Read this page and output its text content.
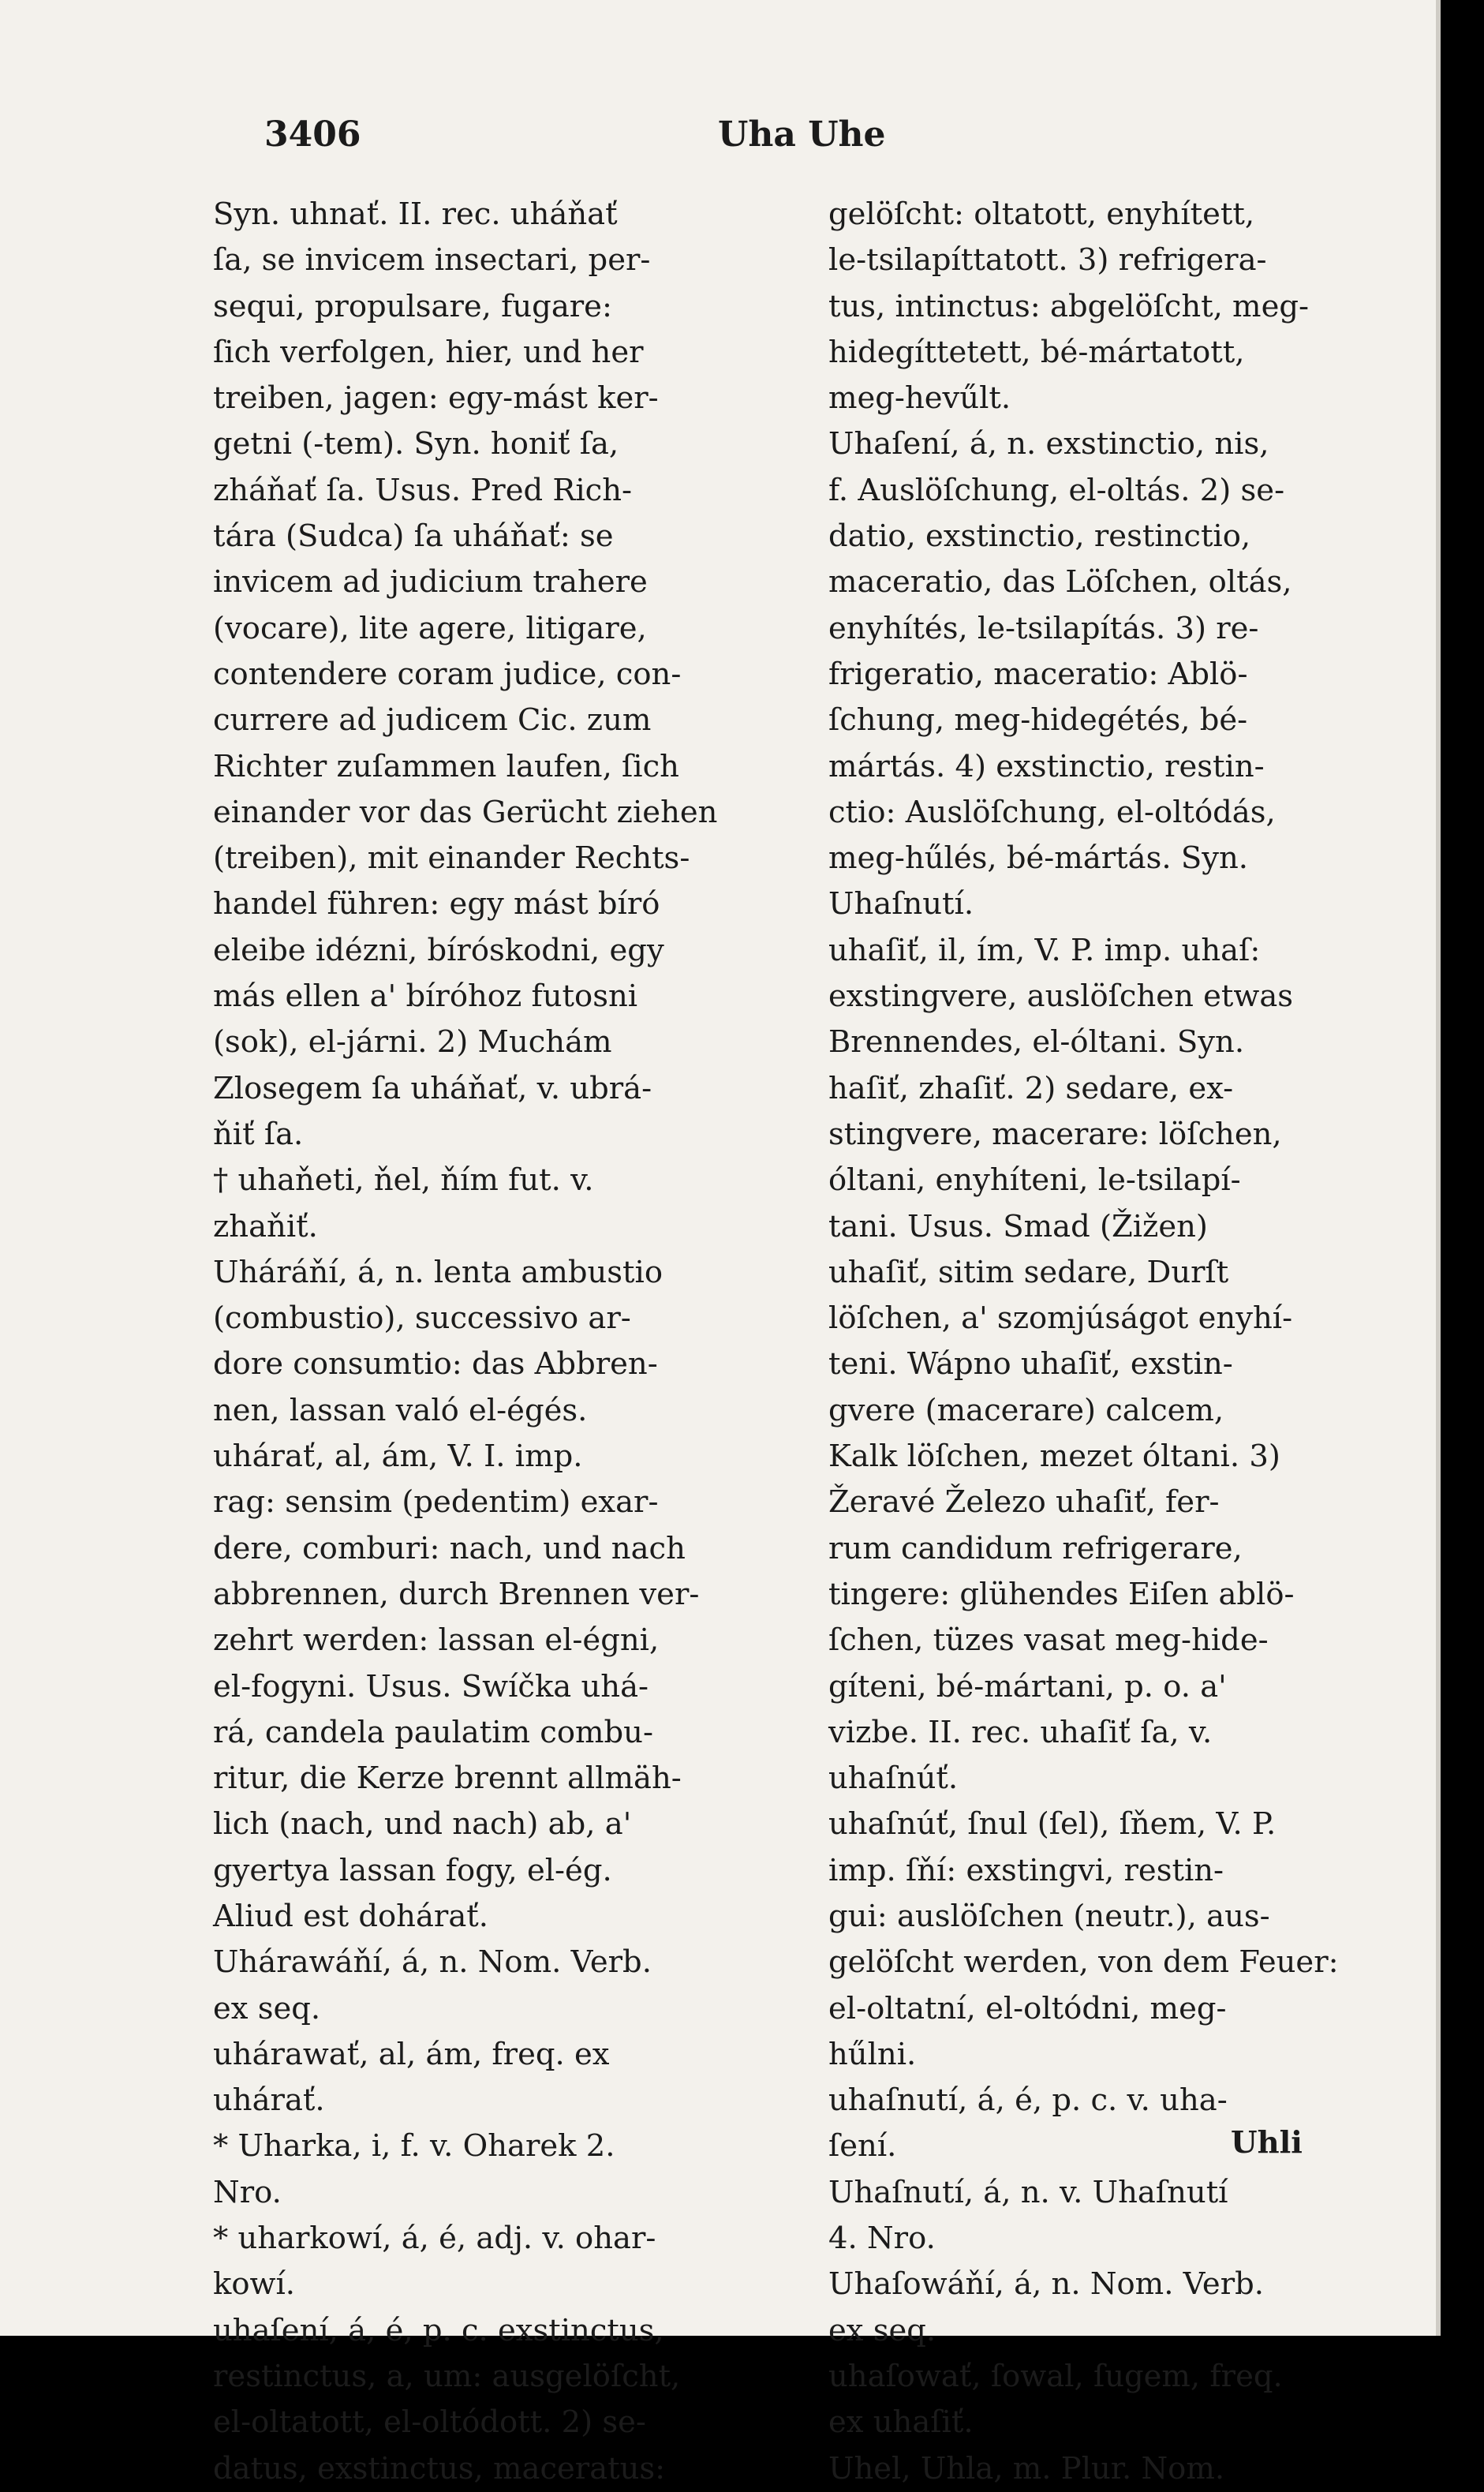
3406	Uha Uhe
Syn. uhnať. II. rec. uháňať
ſa, se invicem insectari, per-
sequi, propulsare, fugare:
ſich verfolgen, hier, und her
treiben, jagen: egy-mást ker-
getni (-tem). Syn. honiť ſa,
zháňať ſa. Usus. Pred Rich-
tára (Sudca) ſa uháňať: se
invicem ad judicium trahere
(vocare), lite agere, litigare,
contendere coram judice, con-
currere ad judicem Cic. zum
Richter zuſammen laufen, ſich
einander vor das Gerücht ziehen
(treiben), mit einander Rechts-
handel führen: egy mást bíró
eleibe idézni, bíróskodni, egy
más ellen a' bíróhoz futosni
(sok), el-járni. 2) Muchám
Zlosegem ſa uháňať, v. ubrá-
ňiť ſa.
† uhaňeti, ňel, ňím fut. v.
zhaňiť.
Uháráňí, á, n. lenta ambustio
(combustio), successivo ar-
dore consumtio: das Abbren-
nen, lassan való el-égés.
uhárať, al, ám, V. I. imp.
rag: sensim (pedentim) exar-
dere, comburi: nach, und nach
abbrennen, durch Brennen ver-
zehrt werden: lassan el-égni,
el-fogyni. Usus. Swíčka uhá-
rá, candela paulatim combu-
ritur, die Kerze brennt allmäh-
lich (nach, und nach) ab, a'
gyertya lassan fogy, el-ég.
Aliud est dohárať.
Uhárawáňí, á, n. Nom. Verb.
ex seq.
uhárawať, al, ám, freq. ex
uhárať.
* Uharka, i, f. v. Oharek 2.
Nro.
* uharkowí, á, é, adj. v. ohar-
kowí.
uhaſení, á, é, p. c. exstinctus,
restinctus, a, um: ausgelöſcht,
el-oltatott, el-oltódott. 2) se-
datus, exstinctus, maceratus:
gelöſcht: oltatott, enyhített,
le-tsilapíttatott. 3) refrigera-
tus, intinctus: abgelöſcht, meg-
hidegíttetett, bé-mártatott,
meg-hevűlt.
Uhaſení, á, n. exstinctio, nis,
f. Auslöſchung, el-oltás. 2) se-
datio, exstinctio, restinctio,
maceratio, das Löſchen, oltás,
enyhítés, le-tsilapítás. 3) re-
frigeratio, maceratio: Ablö-
ſchung, meg-hidegétés, bé-
mártás. 4) exstinctio, restin-
ctio: Auslöſchung, el-oltódás,
meg-hűlés, bé-mártás. Syn.
Uhaſnutí.
uhaſiť, il, ím, V. P. imp. uhaſ:
exstingvere, auslöſchen etwas
Brennendes, el-óltani. Syn.
haſiť, zhaſiť. 2) sedare, ex-
stingvere, macerare: löſchen,
óltani, enyhíteni, le-tsilapí-
tani. Usus. Smad (Žižen)
uhaſiť, sitim sedare, Durſt
löſchen, a' szomjúságot enyhí-
teni. Wápno uhaſiť, exstin-
gvere (macerare) calcem,
Kalk löſchen, mezet óltani. 3)
Žeravé Železo uhaſiť, fer-
rum candidum refrigerare,
tingere: glühendes Eiſen ablö-
ſchen, tüzes vasat meg-hide-
gíteni, bé-mártani, p. o. a'
vizbe. II. rec. uhaſiť ſa, v.
uhaſnúť.
uhaſnúť, ſnul (ſel), ſňem, V. P.
imp. ſňí: exstingvi, restin-
gui: auslöſchen (neutr.), aus-
gelöſcht werden, von dem Feuer:
el-oltatní, el-oltódni, meg-
hűlni.
uhaſnutí, á, é, p. c. v. uha-
ſení.
Uhaſnutí, á, n. v. Uhaſnutí
4. Nro.
Uhaſowáňí, á, n. Nom. Verb.
ex seq.
uhaſowať, ſowal, ſugem, freq.
ex uhaſiť.
Uhel, Uhla, m. Plur. Nom.
Uhli
